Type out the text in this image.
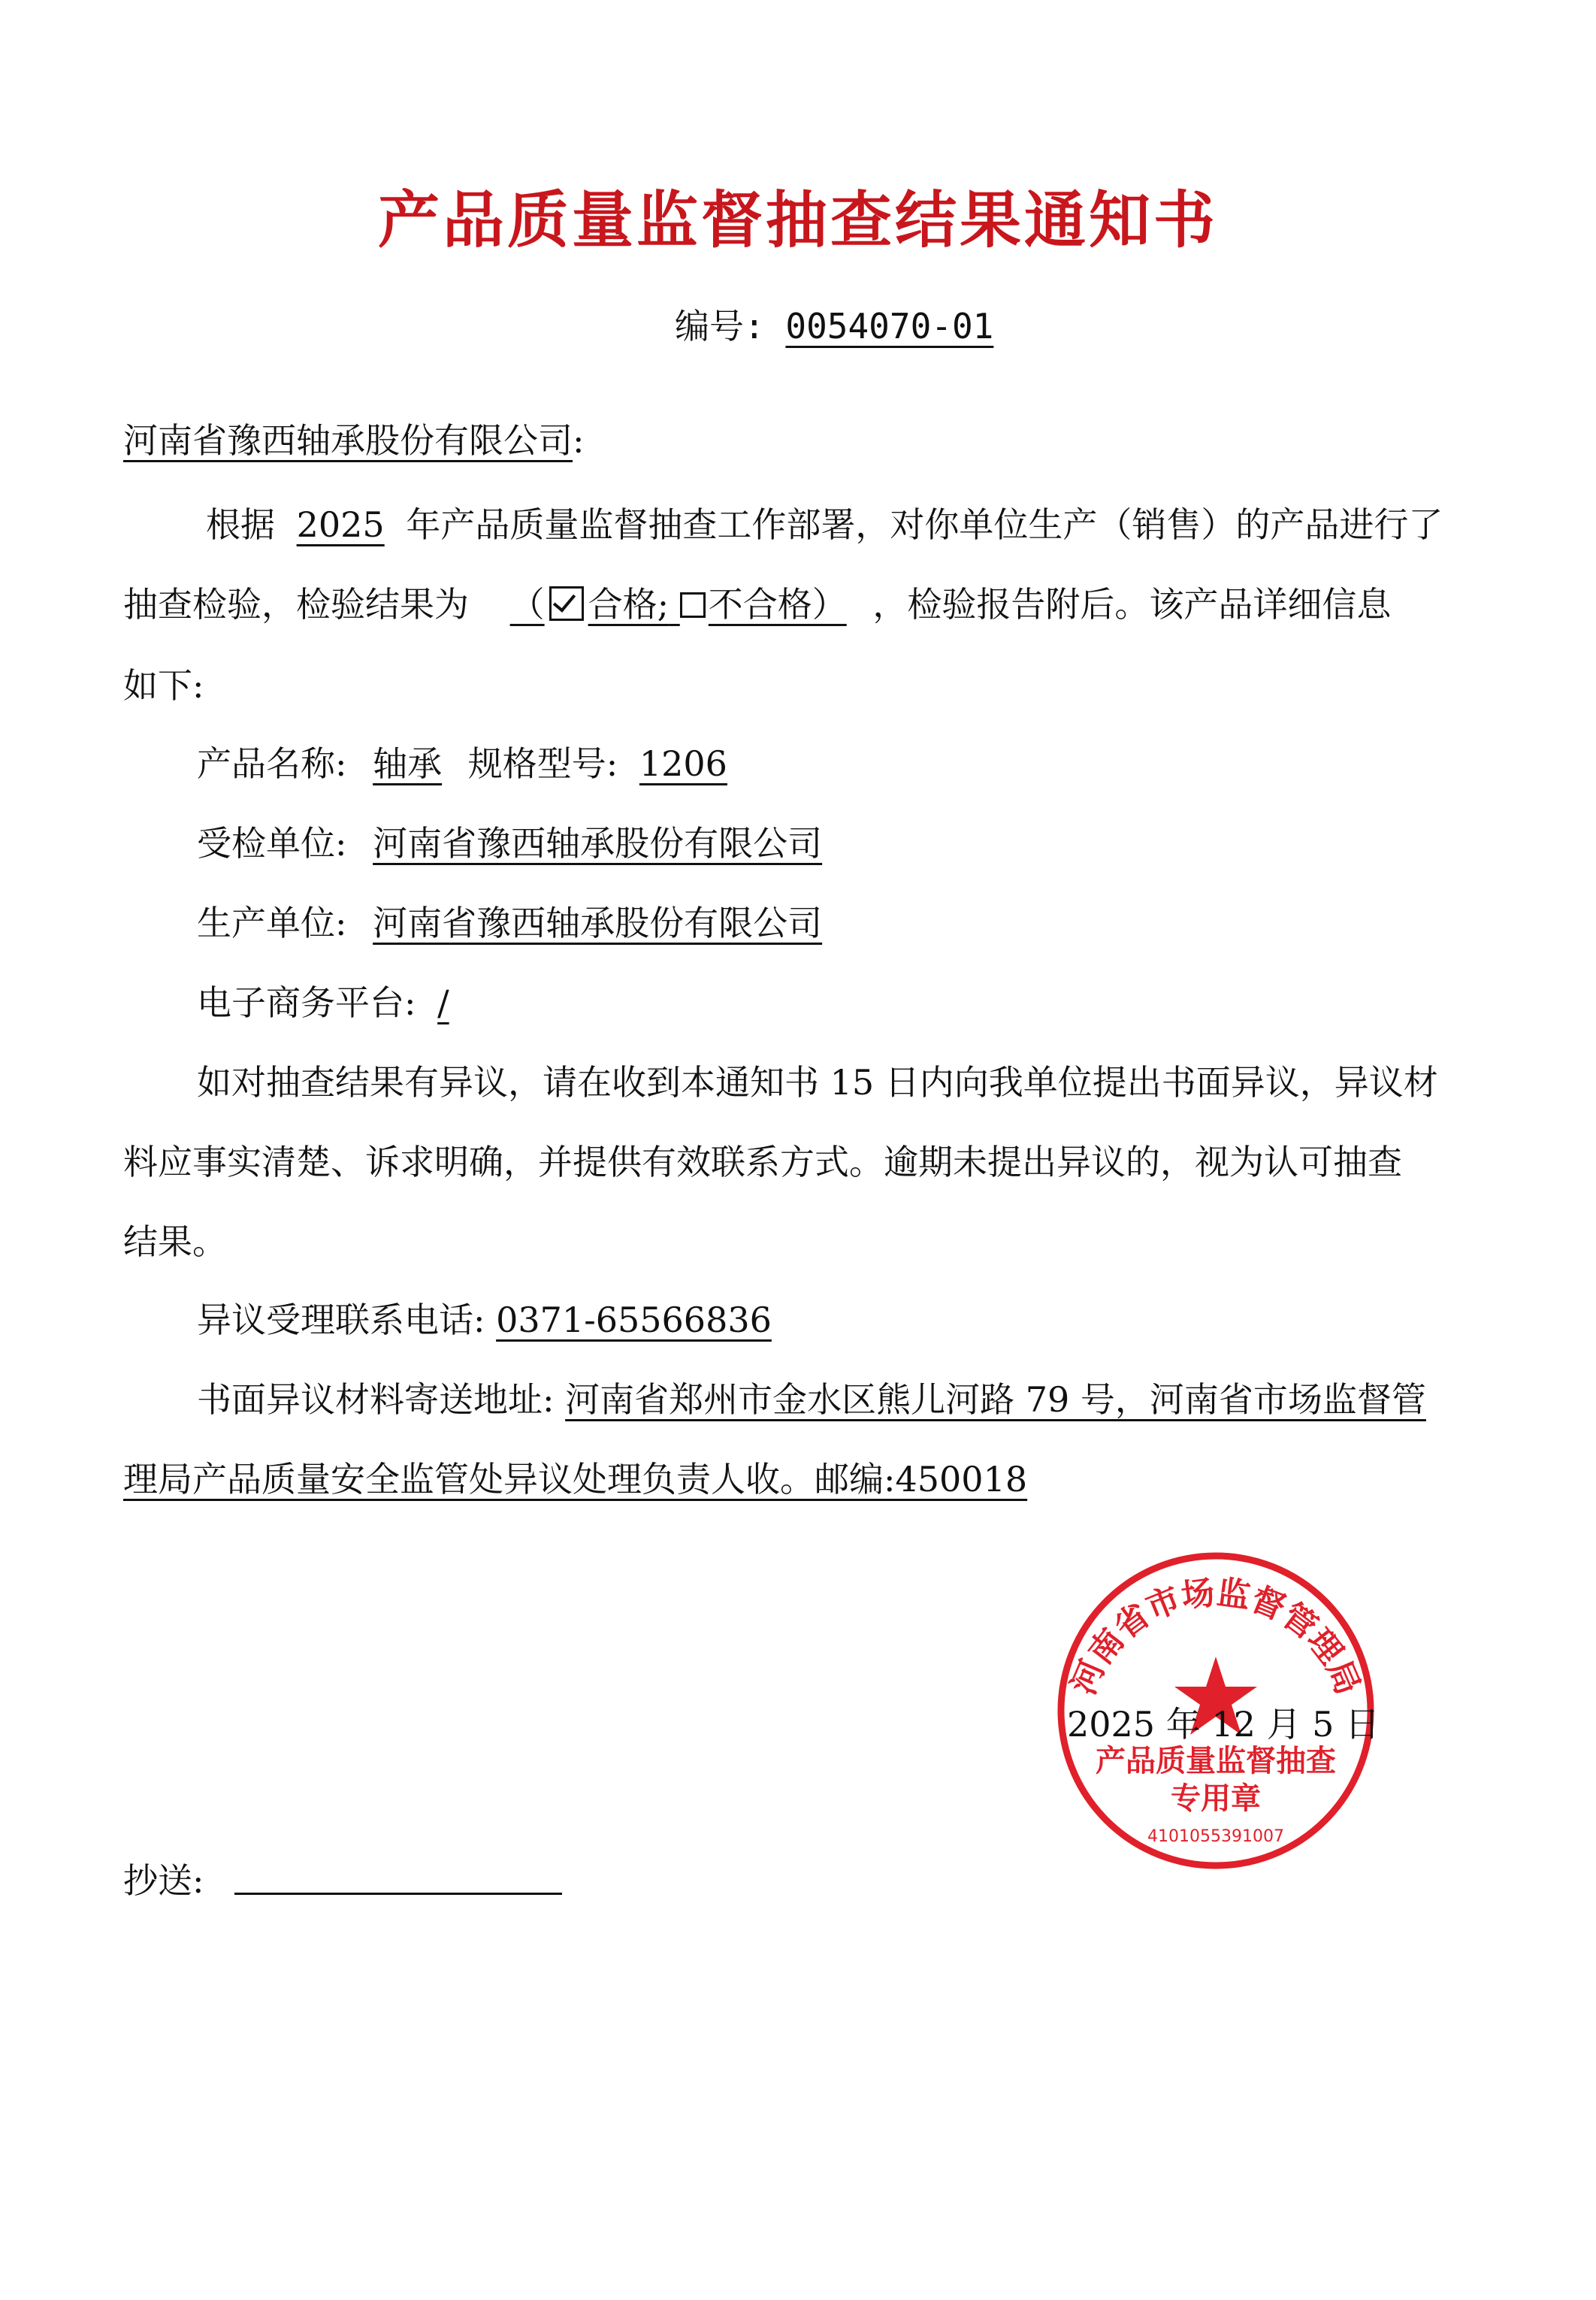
产品质量监督抽查结果通知书
编号: 0054070-01
河南省豫西轴承股份有限公司:
根据 2025 年产品质量监督抽查工作部署，对你单位生产（销售）的产品进行了
抽查检验，检验结果为 （ 合格; 不合格） ，检验报告附后。该产品详细信息
如下:
产品名称: 轴承 规格型号: 1206
受检单位: 河南省豫西轴承股份有限公司
生产单位: 河南省豫西轴承股份有限公司
电子商务平台: /
如对抽查结果有异议，请在收到本通知书 15 日内向我单位提出书面异议，异议材
料应事实清楚、诉求明确，并提供有效联系方式。逾期未提出异议的，视为认可抽查
结果。
异议受理联系电话: 0371-65566836
书面异议材料寄送地址: 河南省郑州市金水区熊儿河路 79 号，河南省市场监督管
理局产品质量安全监管处异议处理负责人收。邮编:450018
河南省市场监督管理局
产品质量监督抽查
专用章
4101055391007
2025 年 12 月 5 日
抄送:
